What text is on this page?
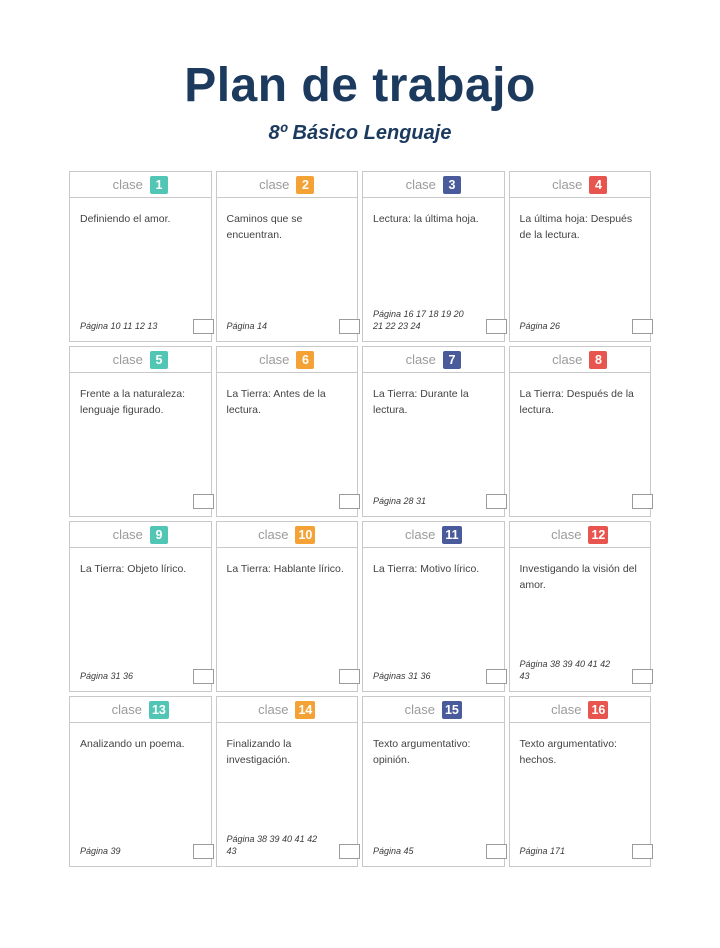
Plan de trabajo
8º Básico Lenguaje
clase	1
Definiendo el amor.
Página 10 11 12 13
clase	2
Caminos que se encuentran.
Página 14
clase	3
Lectura: la última hoja.
Página 16 17 18 19 20 21 22 23 24
clase	4
La última hoja: Después de la lectura.
Página 26
clase	5
Frente a la naturaleza: lenguaje figurado.
clase	6
La Tierra: Antes de la lectura.
clase	7
La Tierra: Durante la lectura.
Página 28 31
clase	8
La Tierra: Después de la lectura.
clase	9
La Tierra: Objeto lírico.
Página 31 36
clase 10
La Tierra: Hablante lírico.
clase 11
La Tierra: Motivo lírico.
Páginas 31 36
clase 12
Investigando la visión del amor.
Página 38 39 40 41 42 43
clase 13
Analizando un poema.
Página 39
clase 14
Finalizando la investigación.
Página 38 39 40 41 42 43
clase 15
Texto argumentativo: opinión.
Página 45
clase 16
Texto argumentativo: hechos.
Página 171
